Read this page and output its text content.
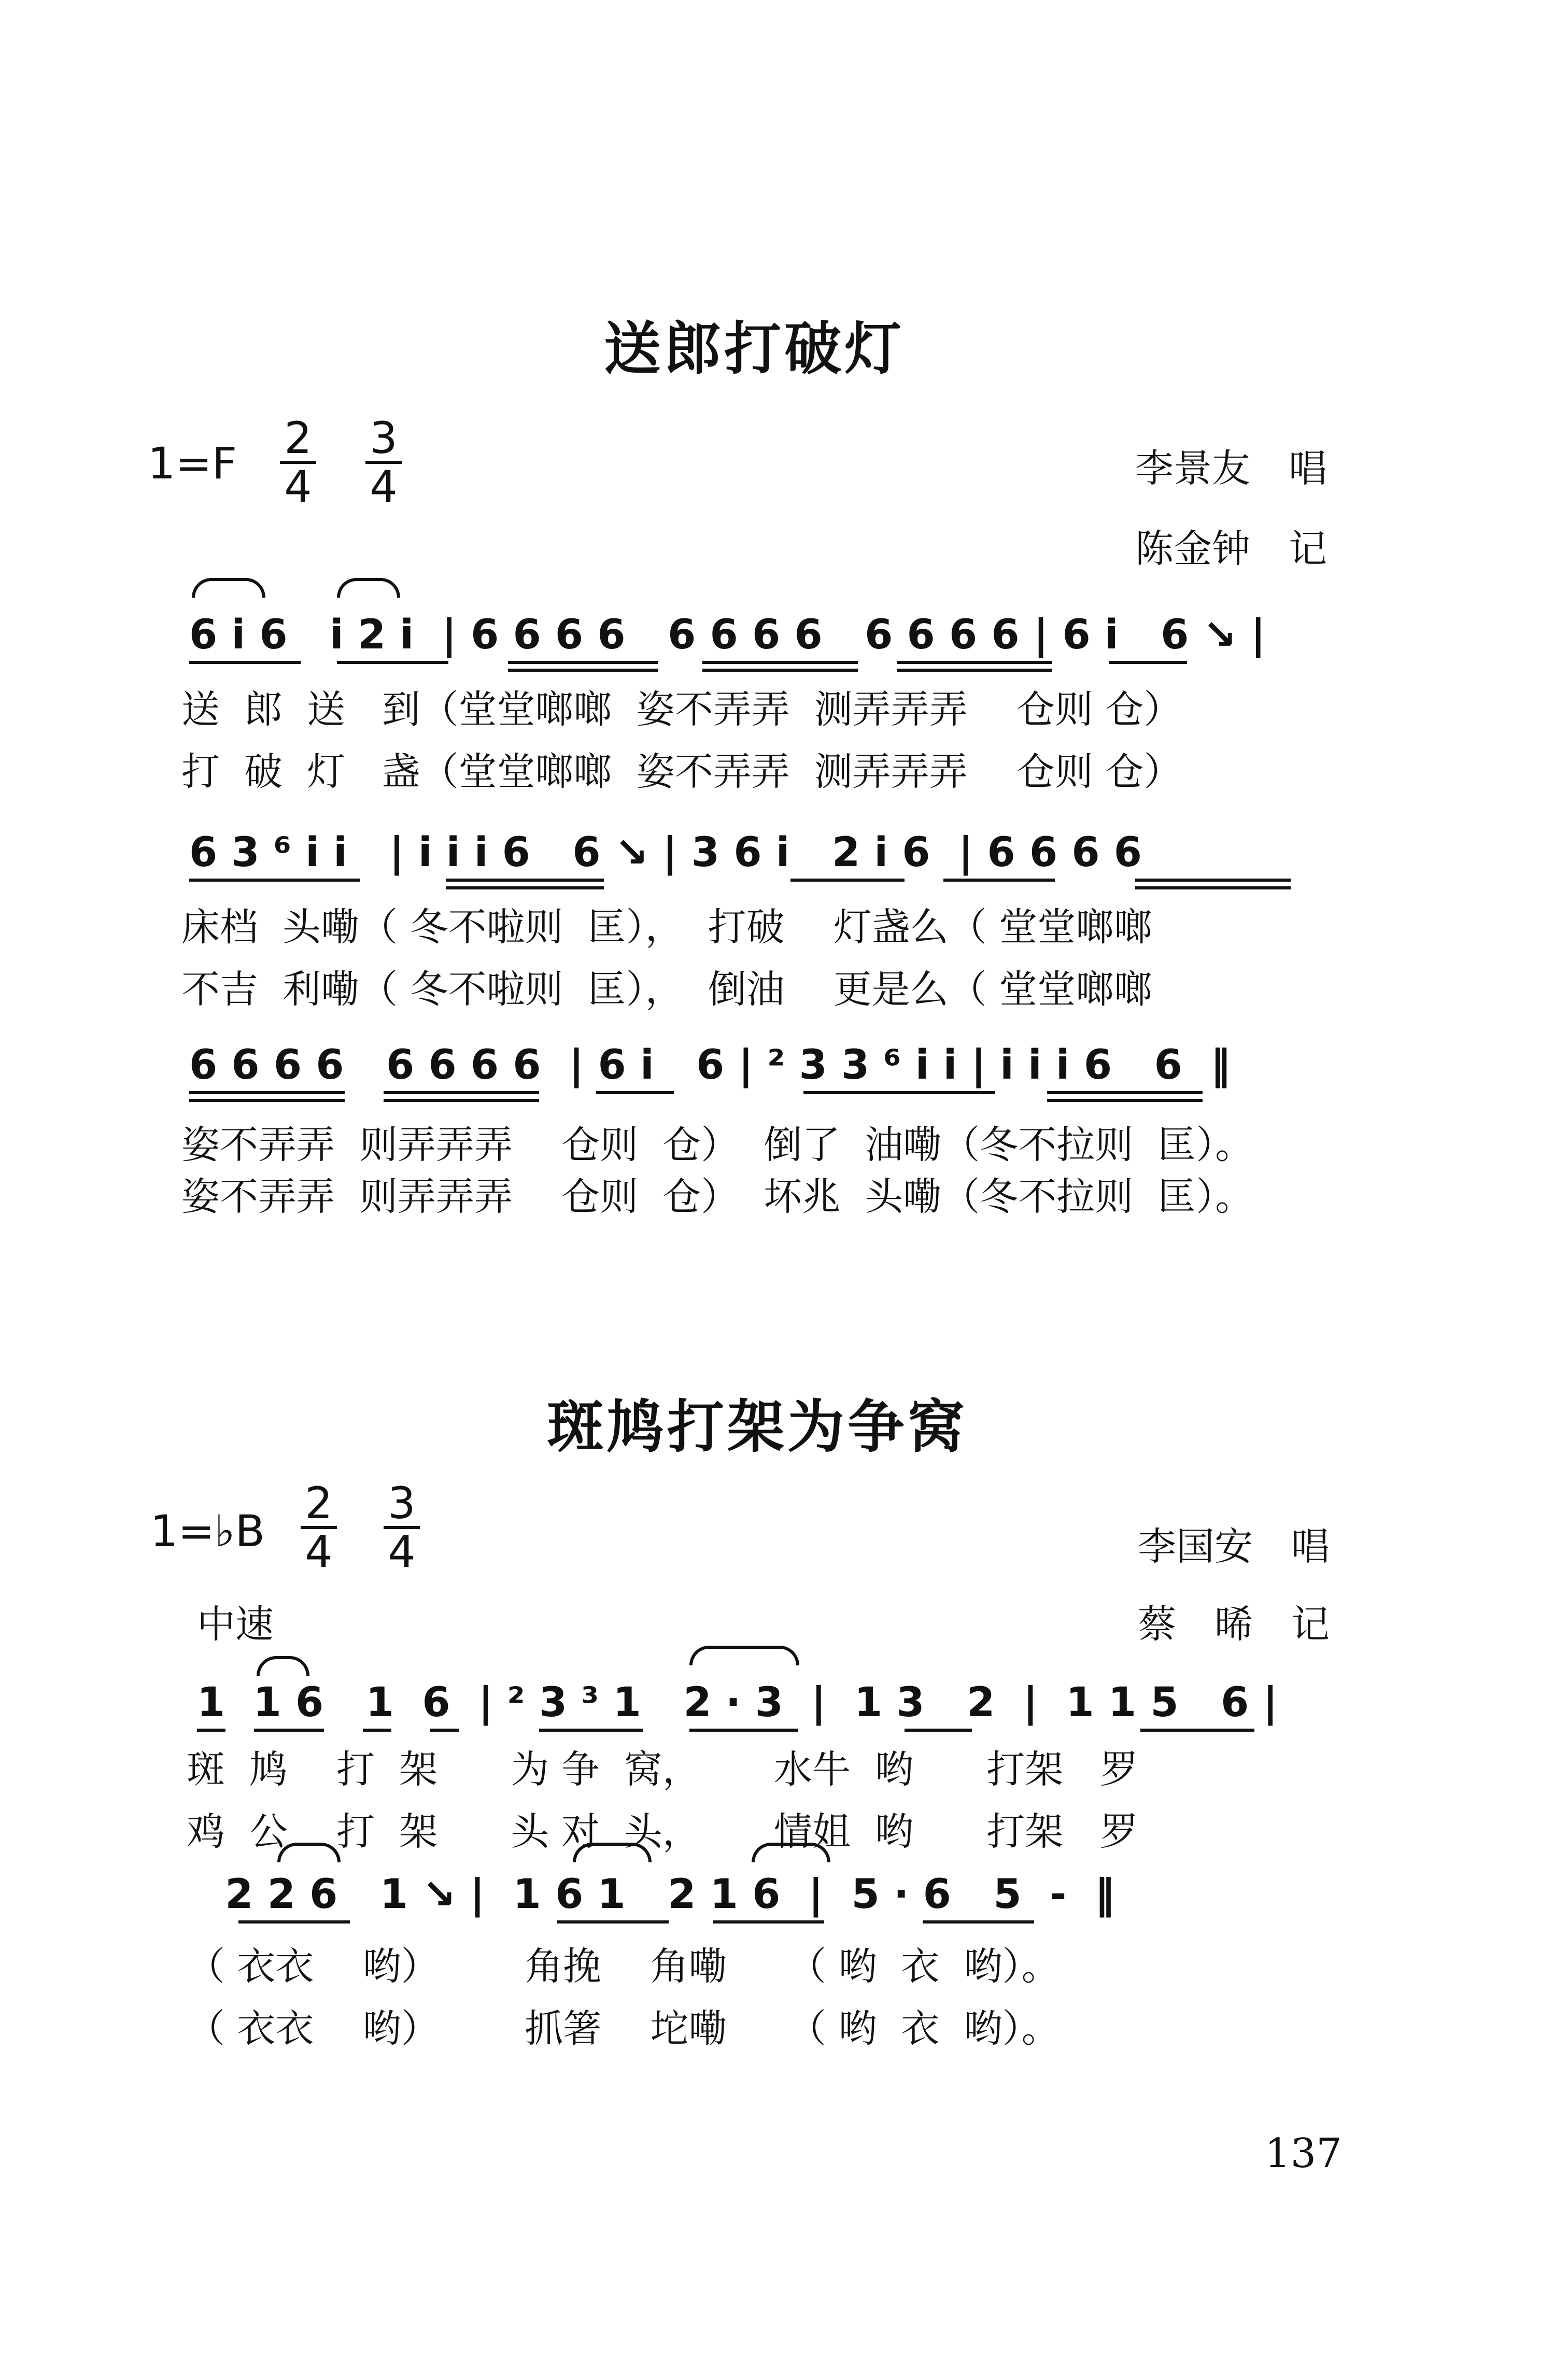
送郎打破灯
1=F 2
4
3
4	李景友　唱
陈金钟　记
6 i 6   i 2 i  | 6 6 6 6   6 6 6 6   6 6 6 6 | 6 i   6 ↘ |
送  郎  送   到（堂堂啷啷  姿不弄弄  测弄弄弄    仓则 仓）
打  破  灯   盏（堂堂啷啷  姿不弄弄  测弄弄弄    仓则 仓）
6 3 ⁶ i i   | i i i 6   6 ↘ | 3 6 i   2 i 6  | 6 6 6 6
床档  头嘞（ 冬不啦则  匡），  打破    灯盏么（ 堂堂啷啷
不吉  利嘞（ 冬不啦则  匡），  倒油    更是么（ 堂堂啷啷
6 6 6 6   6 6 6 6  | 6 i   6 | ² 3 3 ⁶ i i | i i i 6   6  ‖
姿不弄弄  则弄弄弄    仓则  仓）  倒了  油嘞（冬不拉则  匡）。
姿不弄弄  则弄弄弄    仓则  仓）  坏兆  头嘞（冬不拉则  匡）。
斑鸠打架为争窝
1=♭B
2
4
3
4
中速
李国安　唱
蔡　晞　记
1  1 6   1  6  | ² 3 ³ 1   2 · 3  |  1 3   2  |  1 1 5   6 |
斑  鸠    打  架      为 争  窝，      水牛  哟      打架   罗
鸡  公    打  架      头 对  头，      情姐  哟      打架   罗
2 2 6   1 ↘ |  1 6 1   2 1 6  |  5 · 6   5  -  ‖
（ 衣衣    哟）       角挽    角嘞     （ 哟  衣  哟）。
（ 衣衣    哟）       抓箸    坨嘞     （ 哟  衣  哟）。
137
